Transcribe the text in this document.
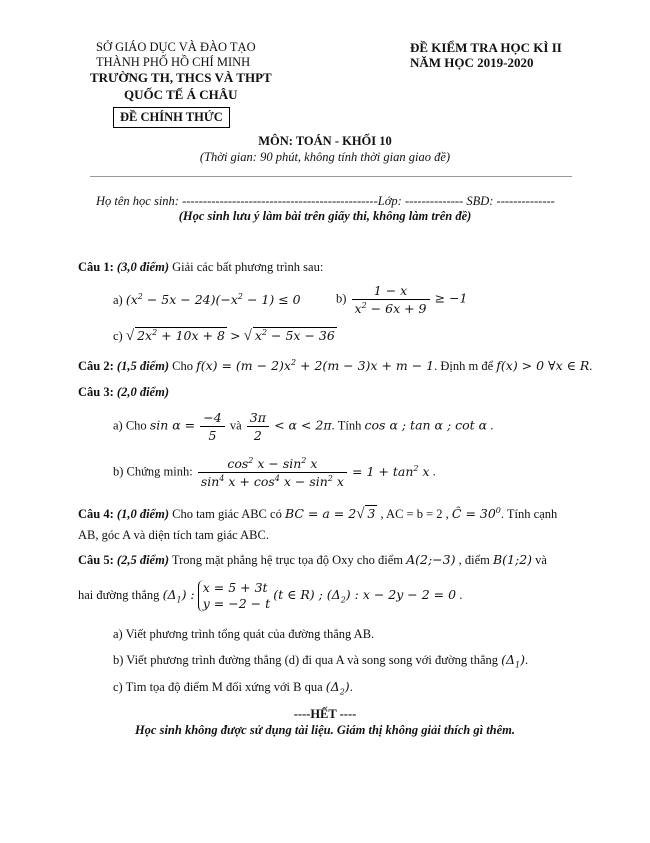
SỞ GIÁO DỤC VÀ ĐÀO TẠO
THÀNH PHỐ HỒ CHÍ MINH
TRƯỜNG TH, THCS VÀ THPT
QUỐC TẾ Á CHÂU
ĐỀ CHÍNH THỨC
ĐỀ KIỂM TRA HỌC KÌ II
NĂM HỌC 2019-2020
MÔN: TOÁN - KHỐI 10
(Thời gian: 90 phút, không tính thời gian giao đề)
Họ tên học sinh: -----------------------------------------------Lớp: -------------- SBD: --------------
(Học sinh lưu ý làm bài trên giấy thi, không làm trên đề)
Câu 1: (3,0 điểm) Giải các bất phương trình sau:
a) $(x^2 - 5x - 24)(-x^2 - 1) \le 0$	$b) \frac{1 - x}{x^2 - 6x + 9} \ge -1$
c) √ $2x^2 + 10x + 8$ > √ $x^2 - 5x - 36$
Câu 2: (1,5 điểm) Cho $f(x) = (m - 2)x^2 + 2(m - 3)x + m - 1$. Định m để f(x) > 0 ∀x ∈ R.
Câu 3: (2,0 điểm)
a) Cho $\sin \alpha = \frac{-4}{5}$ và $\frac{3\pi}{2} < \alpha < 2\pi$. Tính cos α ; tan α ; cot α .
b) Chứng minh: $\frac{\cos^2 x - \sin^2 x}{\sin^4 x + \cos^4 x - \sin^2 x} = 1 + \tan^2 x$ .
Câu 4: (1,0 điểm) Cho tam giác ABC có BC = a = 2√ 3 , AC = b = 2 , Ĉ = $30^0$. Tính cạnh
AB, góc A và diện tích tam giác ABC.
Câu 5: (2,5 điểm) Trong mặt phẳng hệ trục tọa độ Oxy cho điểm A(2;−3) , điểm B(1;2) và
hai đường thẳng $(\Delta_1)$ : x = 5 + 3t
y = −2 − t
(t ∈ R) ; $(\Delta_2)$ : x − 2y − 2 = 0 .
a) Viết phương trình tổng quát của đường thẳng AB.
b) Viết phương trình đường thẳng (d) đi qua A và song song với đường thẳng $(\Delta_1)$.
c) Tìm tọa độ điểm M đối xứng với B qua $(\Delta_2)$.
----HẾT ----
Học sinh không được sử dụng tài liệu. Giám thị không giải thích gì thêm.
